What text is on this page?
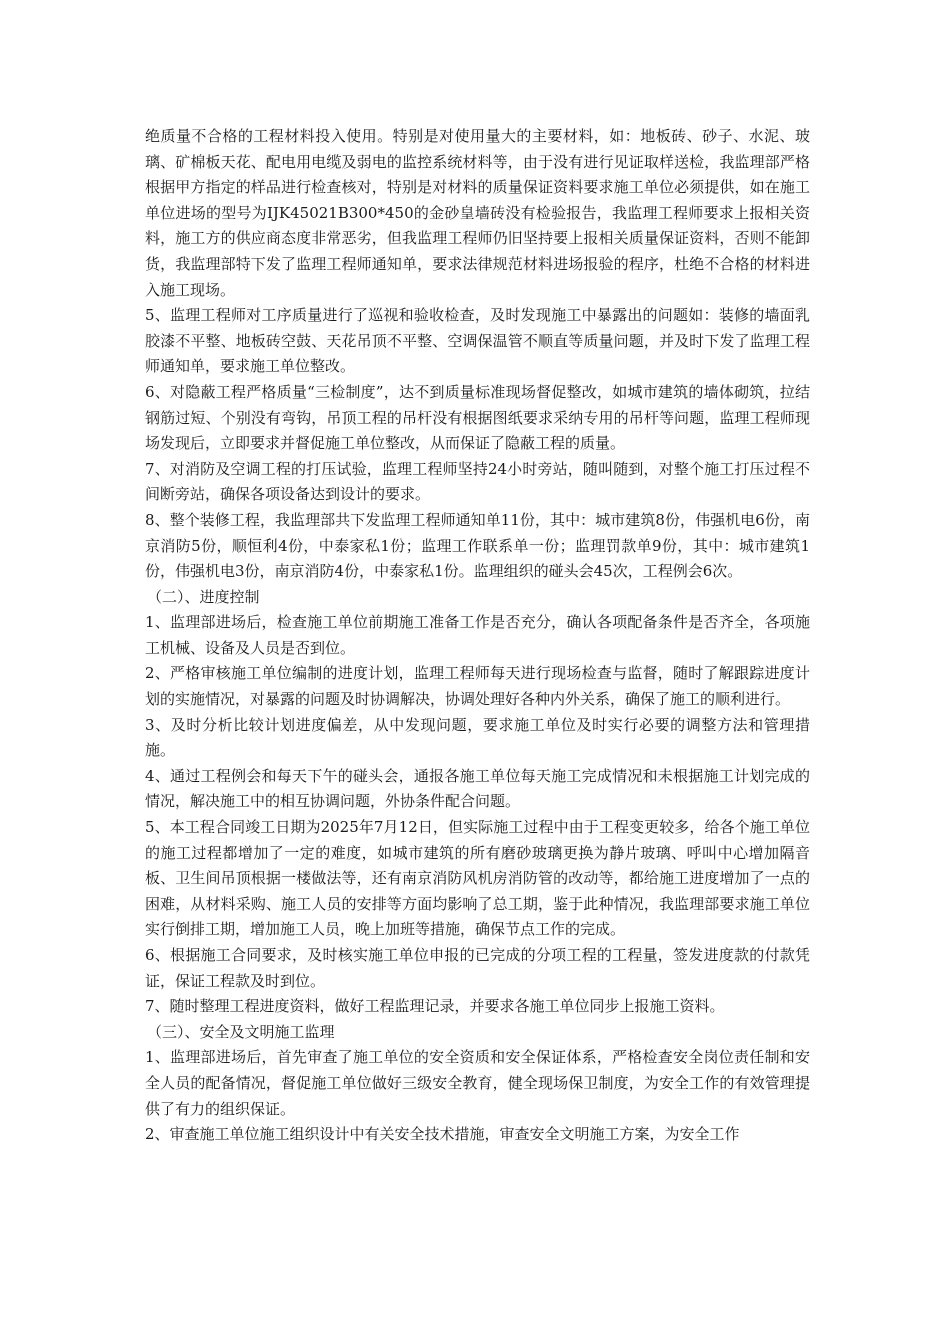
绝质量不合格的工程材料投入使用。特别是对使用量大的主要材料，如：地板砖、砂子、水泥、玻璃、矿棉板天花、配电用电缆及弱电的监控系统材料等，由于没有进行见证取样送检，我监理部严格根据甲方指定的样品进行检查核对，特别是对材料的质量保证资料要求施工单位必须提供，如在施工单位进场的型号为IJK45021B300*450的金砂皇墙砖没有检验报告，我监理工程师要求上报相关资料，施工方的供应商态度非常恶劣，但我监理工程师仍旧坚持要上报相关质量保证资料，否则不能卸货，我监理部特下发了监理工程师通知单，要求法律规范材料进场报验的程序，杜绝不合格的材料进入施工现场。

5、监理工程师对工序质量进行了巡视和验收检查，及时发现施工中暴露出的问题如：装修的墙面乳胶漆不平整、地板砖空鼓、天花吊顶不平整、空调保温管不顺直等质量问题，并及时下发了监理工程师通知单，要求施工单位整改。

6、对隐蔽工程严格质量“三检制度”，达不到质量标准现场督促整改，如城市建筑的墙体砌筑，拉结钢筋过短、个别没有弯钩，吊顶工程的吊杆没有根据图纸要求采纳专用的吊杆等问题，监理工程师现场发现后，立即要求并督促施工单位整改，从而保证了隐蔽工程的质量。

7、对消防及空调工程的打压试验，监理工程师坚持24小时旁站，随叫随到，对整个施工打压过程不间断旁站，确保各项设备达到设计的要求。

8、整个装修工程，我监理部共下发监理工程师通知单11份，其中：城市建筑8份，伟强机电6份，南京消防5份，顺恒利4份，中泰家私1份；监理工作联系单一份；监理罚款单9份，其中：城市建筑1份，伟强机电3份，南京消防4份，中泰家私1份。监理组织的碰头会45次，工程例会6次。

（二）、进度控制

1、监理部进场后，检查施工单位前期施工准备工作是否充分，确认各项配备条件是否齐全，各项施工机械、设备及人员是否到位。

2、严格审核施工单位编制的进度计划，监理工程师每天进行现场检查与监督，随时了解跟踪进度计划的实施情况，对暴露的问题及时协调解决，协调处理好各种内外关系，确保了施工的顺利进行。

3、及时分析比较计划进度偏差，从中发现问题，要求施工单位及时实行必要的调整方法和管理措施。

4、通过工程例会和每天下午的碰头会，通报各施工单位每天施工完成情况和未根据施工计划完成的情况，解决施工中的相互协调问题，外协条件配合问题。

5、本工程合同竣工日期为2025年7月12日，但实际施工过程中由于工程变更较多，给各个施工单位的施工过程都增加了一定的难度，如城市建筑的所有磨砂玻璃更换为静片玻璃、呼叫中心增加隔音板、卫生间吊顶根据一楼做法等，还有南京消防风机房消防管的改动等，都给施工进度增加了一点的困难，从材料采购、施工人员的安排等方面均影响了总工期，鉴于此种情况，我监理部要求施工单位实行倒排工期，增加施工人员，晚上加班等措施，确保节点工作的完成。

6、根据施工合同要求，及时核实施工单位申报的已完成的分项工程的工程量，签发进度款的付款凭证，保证工程款及时到位。

7、随时整理工程进度资料，做好工程监理记录，并要求各施工单位同步上报施工资料。

（三）、安全及文明施工监理

1、监理部进场后，首先审查了施工单位的安全资质和安全保证体系，严格检查安全岗位责任制和安全人员的配备情况，督促施工单位做好三级安全教育，健全现场保卫制度，为安全工作的有效管理提供了有力的组织保证。

2、审查施工单位施工组织设计中有关安全技术措施，审查安全文明施工方案，为安全工作
